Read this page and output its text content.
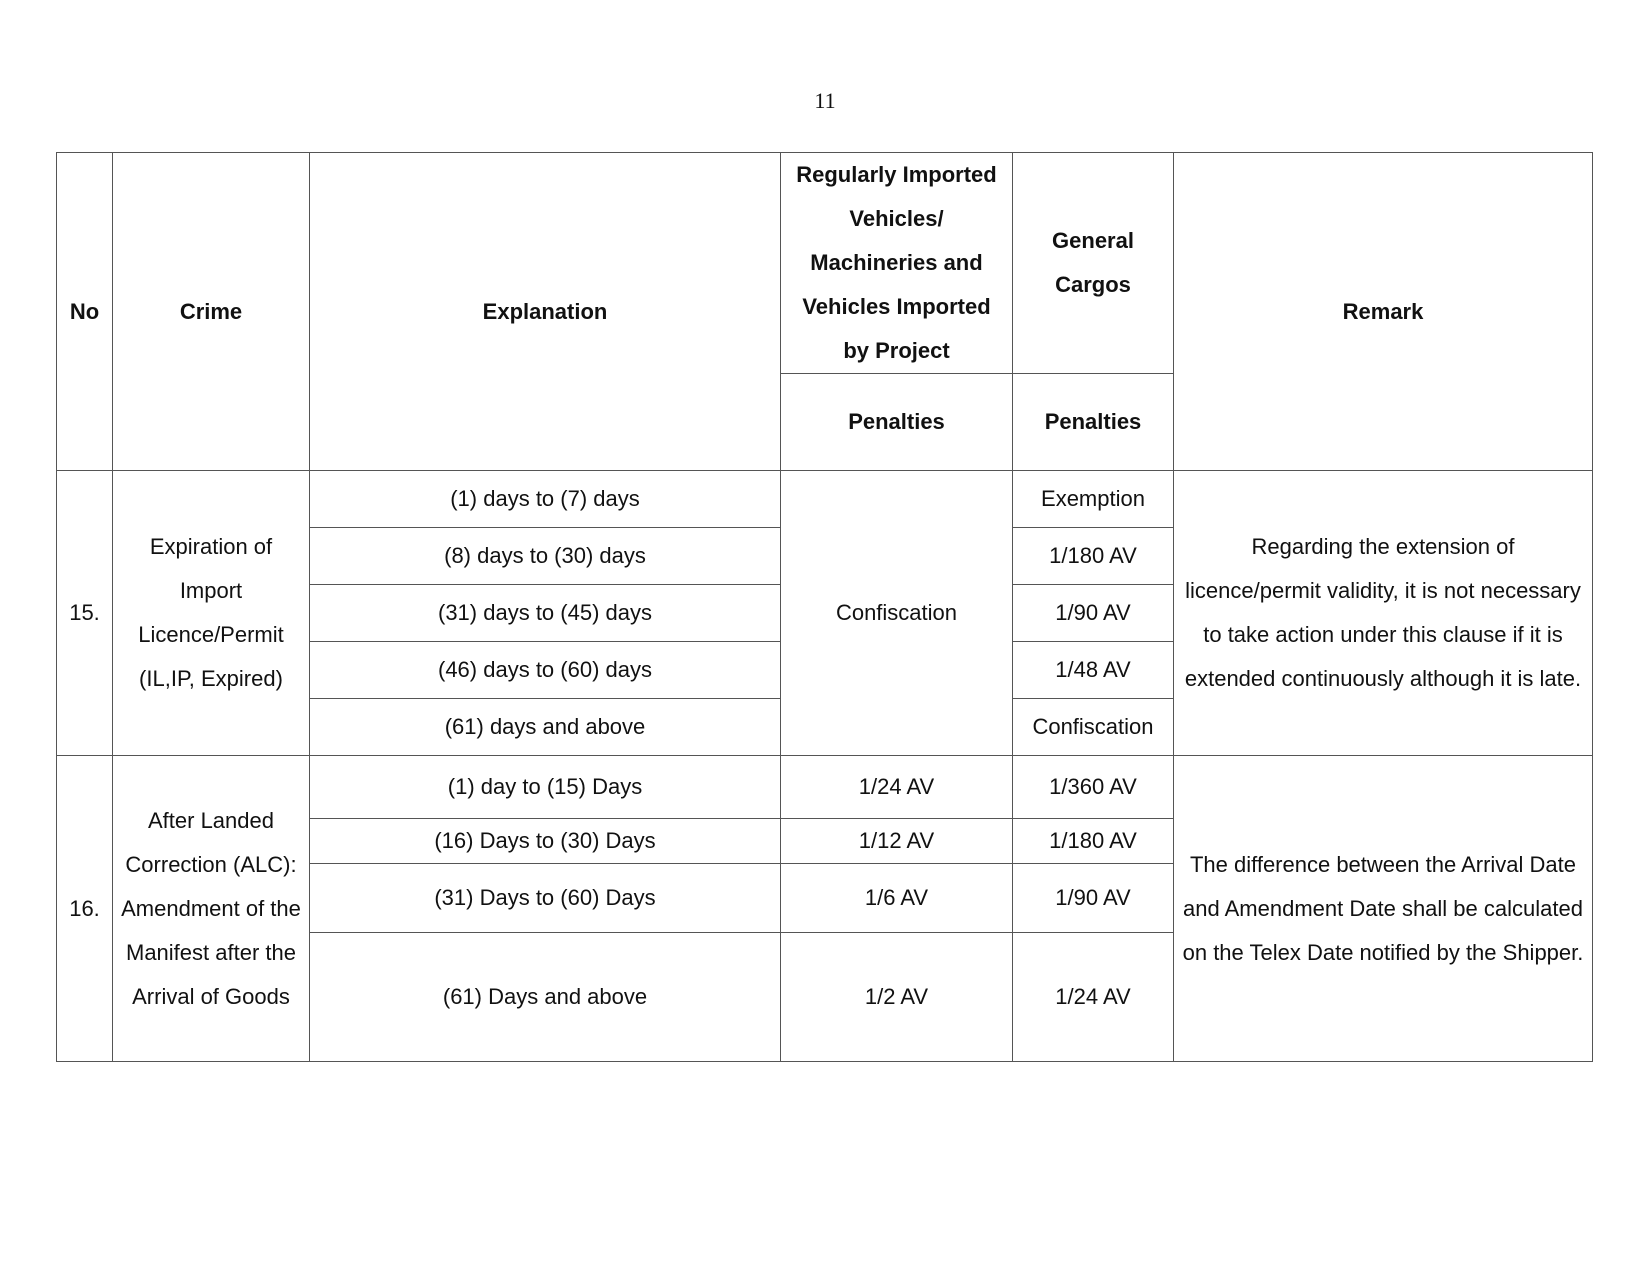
11
No	Crime	Explanation	Regularly Imported Vehicles/ Machineries and Vehicles Imported by Project	General Cargos	Remark
			Penalties	Penalties	
15.	Expiration of Import Licence/Permit (IL,IP, Expired)	(1) days to (7) days	Confiscation	Exemption	Regarding the extension of licence/permit validity, it is not necessary to take action under this clause if it is extended continuously although it is late.
		(8) days to (30) days		1/180 AV	
		(31) days to (45) days		1/90 AV	
		(46) days to (60) days		1/48 AV	
		(61) days and above		Confiscation	
16.	After Landed Correction (ALC): Amendment of the Manifest after the Arrival of Goods	(1) day to (15) Days	1/24 AV	1/360 AV	The difference between the Arrival Date and Amendment Date shall be calculated on the Telex Date notified by the Shipper.
		(16) Days to (30) Days	1/12 AV	1/180 AV	
		(31) Days to (60) Days	1/6 AV	1/90 AV	
		(61) Days and above	1/2 AV	1/24 AV	
